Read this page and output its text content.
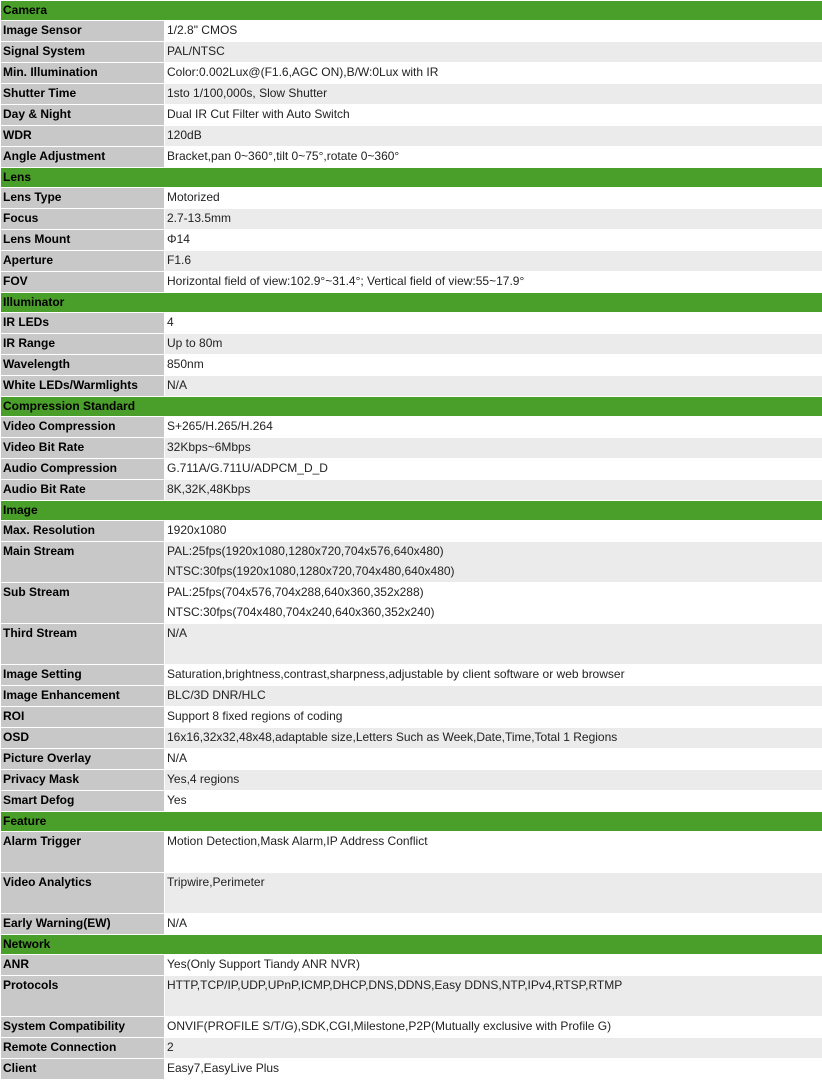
Camera	
Image Sensor	1/2.8" CMOS

Signal System	PAL/NTSC

Min. Illumination	Color:0.002Lux@(F1.6,AGC ON),B/W:0Lux with IR

Shutter Time	1sto 1/100,000s, Slow Shutter

Day & Night	Dual IR Cut Filter with Auto Switch

WDR	120dB

Angle Adjustment	Bracket,pan 0~360°,tilt 0~75°,rotate 0~360°

Lens	
Lens Type	Motorized

Focus	2.7-13.5mm

Lens Mount	Φ14

Aperture	F1.6

FOV	Horizontal field of view:102.9°~31.4°; Vertical field of view:55~17.9°

Illuminator	
IR LEDs	4

IR Range	Up to 80m

Wavelength	850nm

White LEDs/Warmlights	N/A

Compression Standard	
Video Compression	S+265/H.265/H.264

Video Bit Rate	32Kbps~6Mbps

Audio Compression	G.711A/G.711U/ADPCM_D_D

Audio Bit Rate	8K,32K,48Kbps

Image	
Max. Resolution	1920x1080

Main Stream	PAL:25fps(1920x1080,1280x720,704x576,640x480)
NTSC:30fps(1920x1080,1280x720,704x480,640x480)

Sub Stream	PAL:25fps(704x576,704x288,640x360,352x288)
NTSC:30fps(704x480,704x240,640x360,352x240)

Third Stream	N/A

Image Setting	Saturation,brightness,contrast,sharpness,adjustable by client software or web browser

Image Enhancement	BLC/3D DNR/HLC

ROI	Support 8 fixed regions of coding

OSD	16x16,32x32,48x48,adaptable size,Letters Such as Week,Date,Time,Total 1 Regions

Picture Overlay	N/A

Privacy Mask	Yes,4 regions

Smart Defog	Yes

Feature	
Alarm Trigger	Motion Detection,Mask Alarm,IP Address Conflict

Video Analytics	Tripwire,Perimeter

Early Warning(EW)	N/A

Network	
ANR	Yes(Only Support Tiandy ANR NVR)

Protocols	HTTP,TCP/IP,UDP,UPnP,ICMP,DHCP,DNS,DDNS,Easy DDNS,NTP,IPv4,RTSP,RTMP

System Compatibility	ONVIF(PROFILE S/T/G),SDK,CGI,Milestone,P2P(Mutually exclusive with Profile G)

Remote Connection	2

Client	Easy7,EasyLive Plus
